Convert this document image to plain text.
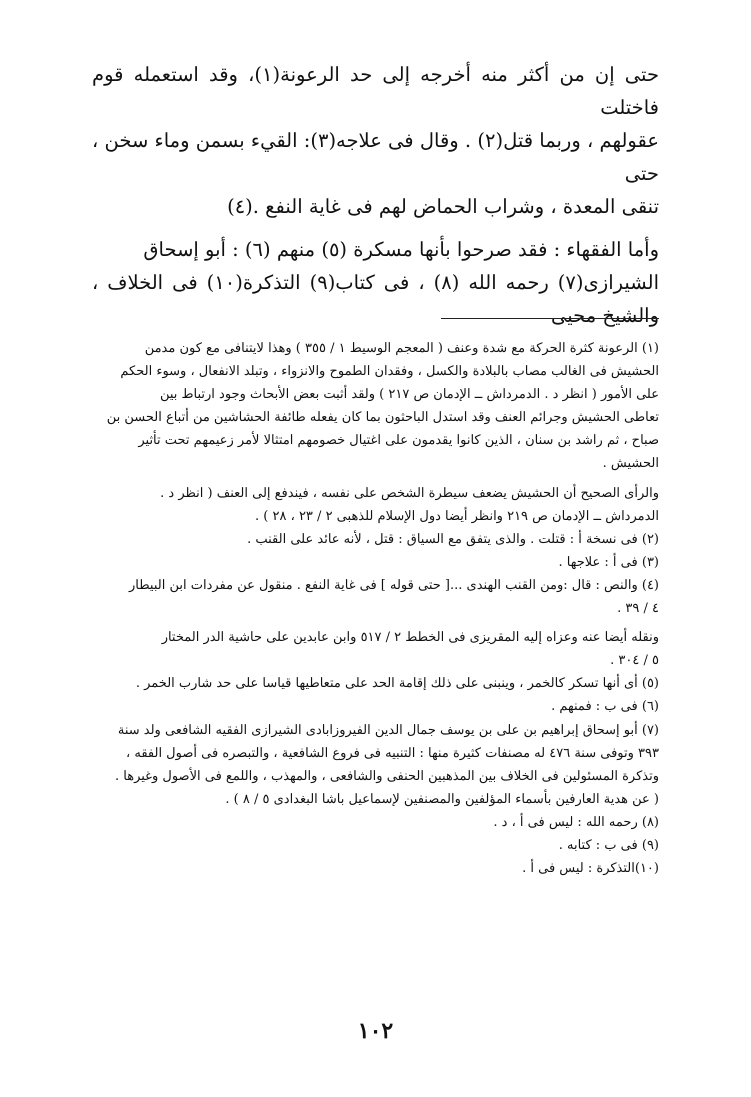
حتى إن من أكثر منه أخرجه إلى حد الرعونة(١)، وقد استعمله قوم فاختلت
عقولهم ، وربما قتل(٢) . وقال فى علاجه(٣): القيء بسمن وماء سخن ، حتى
تنقى المعدة ، وشراب الحماض لهم فى غاية النفع .(٤)

وأما الفقهاء : فقد صرحوا بأنها مسكرة (٥) منهم (٦) : أبو إسحاق
الشيرازى(٧) رحمه الله (٨) ، فى كتاب(٩) التذكرة(١٠) فى الخلاف ، والشيخ محيى

(١) الرعونة كثرة الحركة مع شدة وعنف ( المعجم الوسيط ١ / ٣٥٥ ) وهذا لايتنافى مع كون مدمن

الحشيش فى الغالب مصاب بالبلادة والكسل ، وفقدان الطموح والانزواء ، وتبلد الانفعال ، وسوء الحكم

على الأمور ( انظر د . الدمرداش ــ الإدمان ص ٢١٧ ) ولقد أثبت بعض الأبحاث وجود ارتباط بين

تعاطى الحشيش وجرائم العنف وقد استدل الباحثون بما كان يفعله طائفة الحشاشين من أتباع الحسن بن

صباح ، ثم راشد بن سنان ، الذين كانوا يقدمون على اغتيال خصومهم امتثالا لأمر زعيمهم تحت تأثير

الحشيش .

والرأى الصحيح أن الحشيش يضعف سيطرة الشخص على نفسه ، فيندفع إلى العنف ( انظر د .

الدمرداش ــ الإدمان ص ٢١٩ وانظر أيضا دول الإسلام للذهبى ٢ / ٢٣ ، ٢٨ ) .

(٢) فى نسخة أ : قتلت . والذى يتفق مع السياق : قتل ، لأنه عائد على القنب .

(٣) فى أ : علاجها .

(٤) والنص : قال :ومن القنب الهندى ...[ حتى قوله ] فى غاية النفع . منقول عن مفردات ابن البيطار

٤ / ٣٩ .

ونقله أيضا عنه وعزاه إليه المقريزى فى الخطط ٢ / ٥١٧ وابن عابدين على حاشية الدر المختار

٥ / ٣٠٤ .

(٥) أى أنها تسكر كالخمر ، وينبنى على ذلك إقامة الحد على متعاطيها قياسا على حد شارب الخمر .

(٦) فى ب : فمنهم .

(٧) أبو إسحاق إبراهيم بن على بن يوسف جمال الدين الفيروزابادى الشيرازى الفقيه الشافعى ولد سنة

٣٩٣ وتوفى سنة ٤٧٦ له مصنفات كثيرة منها : التنبيه فى فروع الشافعية ، والتبصره فى أصول الفقه ،

وتذكرة المسئولين فى الخلاف بين المذهبين الحنفى والشافعى ، والمهذب ، واللمع فى الأصول وغيرها .

( عن هدية العارفين بأسماء المؤلفين والمصنفين لإسماعيل باشا البغدادى ٥ / ٨ ) .

(٨) رحمه الله : ليس فى أ ، د .

(٩) فى ب : كتابه .

(١٠)التذكرة : ليس فى أ .

١٠٢
